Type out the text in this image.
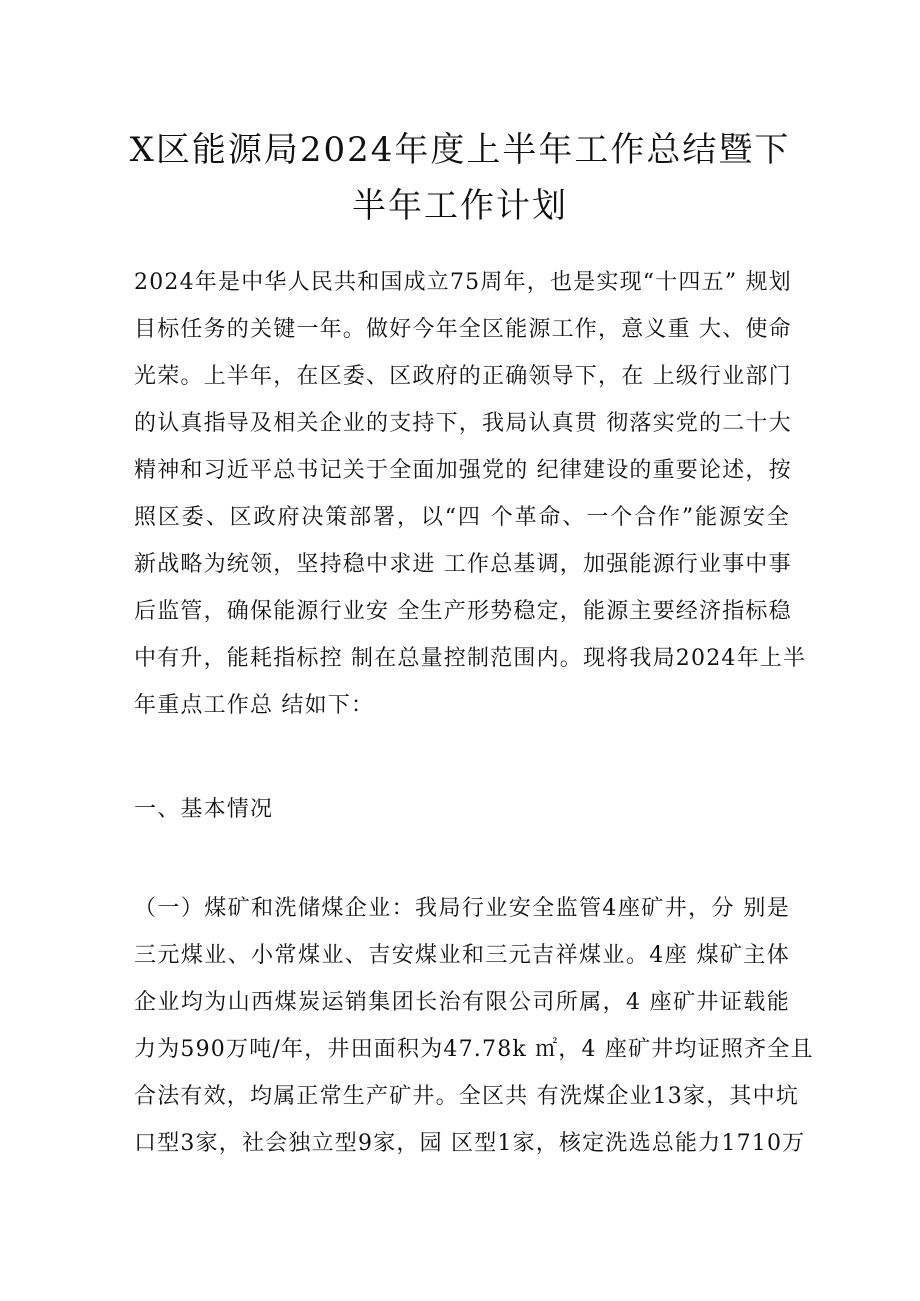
X区能源局2024年度上半年工作总结暨下
半年工作计划
2024年是中华人民共和国成立75周年，也是实现“十四五” 规划
目标任务的关键一年。做好今年全区能源工作，意义重 大、使命
光荣。上半年，在区委、区政府的正确领导下，在 上级行业部门
的认真指导及相关企业的支持下，我局认真贯 彻落实党的二十大
精神和习近平总书记关于全面加强党的 纪律建设的重要论述，按
照区委、区政府决策部署，以“四 个革命、一个合作”能源安全
新战略为统领，坚持稳中求进 工作总基调，加强能源行业事中事
后监管，确保能源行业安 全生产形势稳定，能源主要经济指标稳
中有升，能耗指标控 制在总量控制范围内。现将我局2024年上半
年重点工作总 结如下：
一、基本情况
（一）煤矿和洗储煤企业：我局行业安全监管4座矿井，分 别是
三元煤业、小常煤业、吉安煤业和三元吉祥煤业。4座 煤矿主体
企业均为山西煤炭运销集团长治有限公司所属，4 座矿井证载能
力为590万吨/年，井田面积为47.78k ㎡，4 座矿井均证照齐全且
合法有效，均属正常生产矿井。全区共 有洗煤企业13家，其中坑
口型3家，社会独立型9家，园 区型1家，核定洗选总能力1710万
